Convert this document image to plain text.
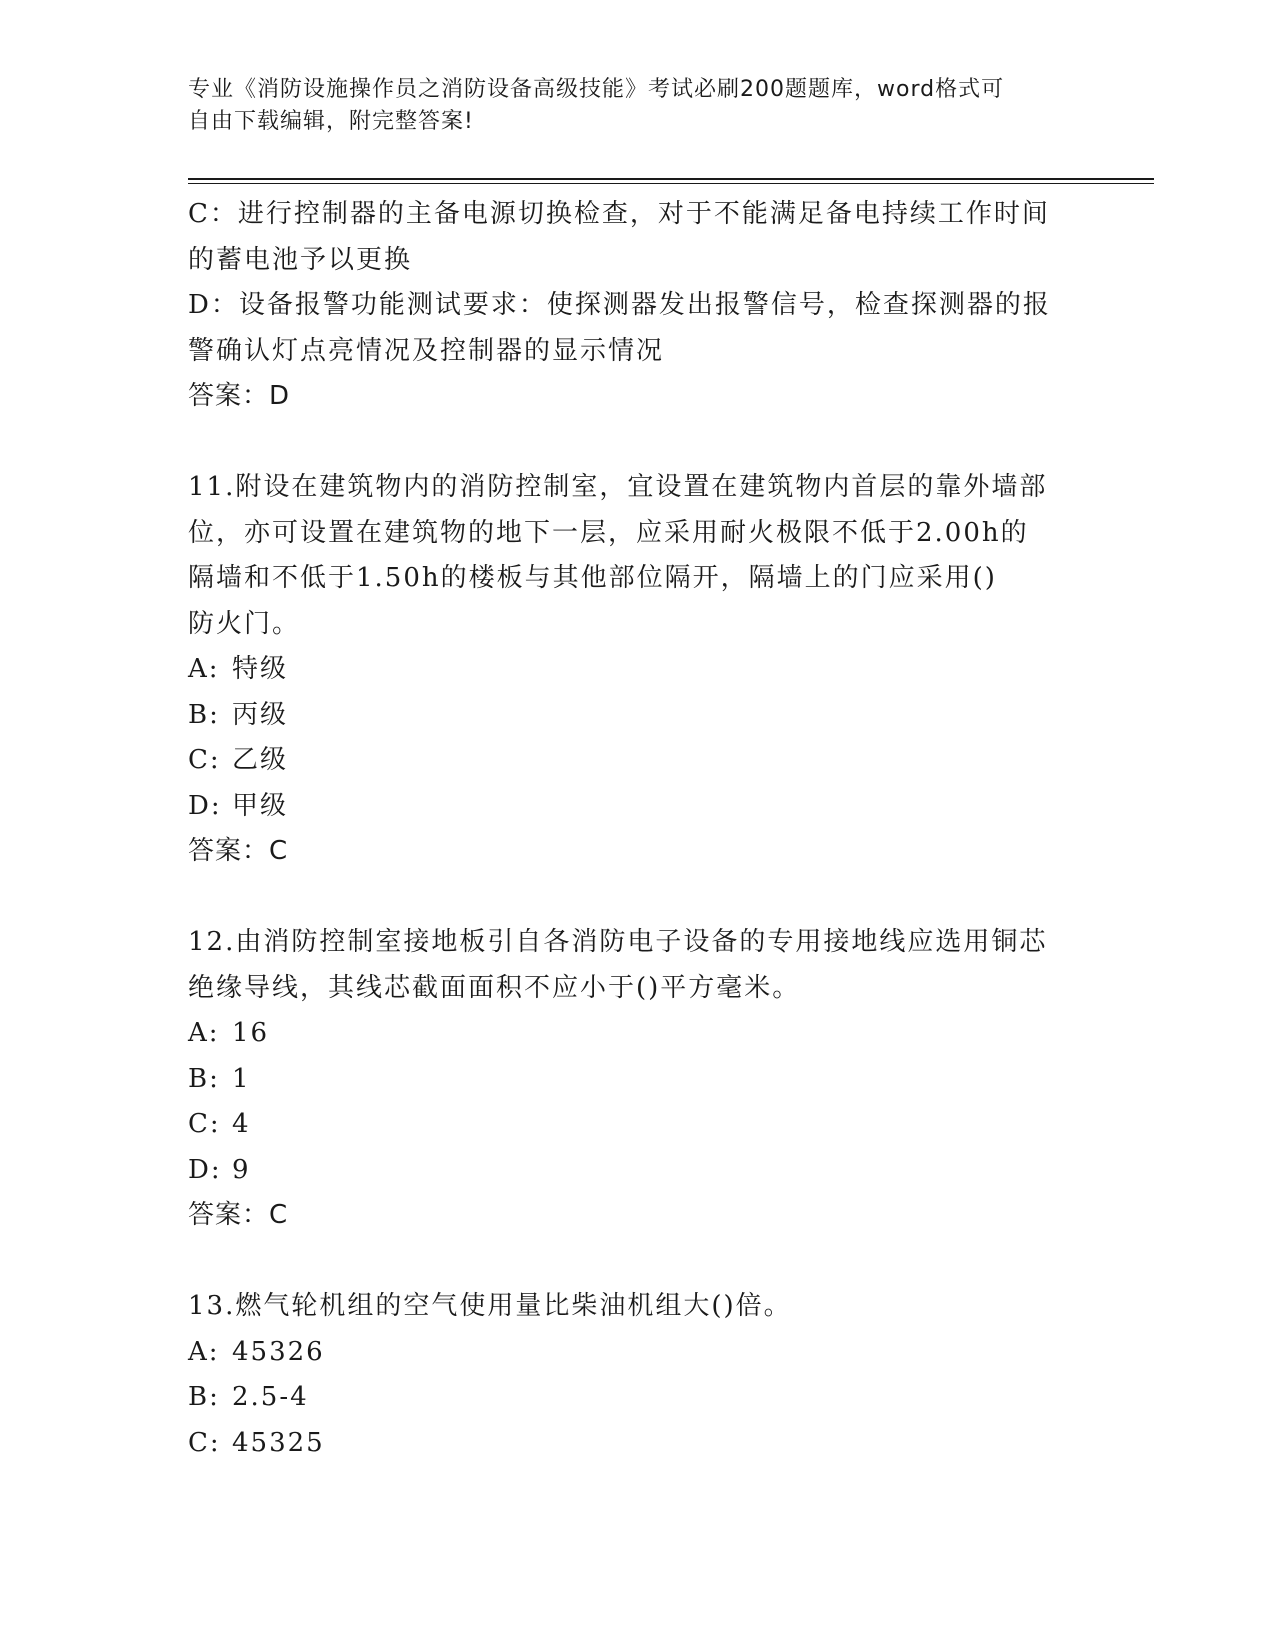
专业《消防设施操作员之消防设备高级技能》考试必刷200题题库，word格式可
自由下载编辑，附完整答案!
C：进行控制器的主备电源切换检查，对于不能满足备电持续工作时间
的蓄电池予以更换
D：设备报警功能测试要求：使探测器发出报警信号，检查探测器的报
警确认灯点亮情况及控制器的显示情况
答案：D
11.附设在建筑物内的消防控制室，宜设置在建筑物内首层的靠外墙部
位，亦可设置在建筑物的地下一层，应采用耐火极限不低于2.00h的
隔墙和不低于1.50h的楼板与其他部位隔开，隔墙上的门应采用()
防火门。
A: 特级
B: 丙级
C: 乙级
D: 甲级
答案：C
12.由消防控制室接地板引自各消防电子设备的专用接地线应选用铜芯
绝缘导线，其线芯截面面积不应小于()平方毫米。
A: 16
B: 1
C: 4
D: 9
答案：C
13.燃气轮机组的空气使用量比柴油机组大()倍。
A: 45326
B: 2.5-4
C: 45325
